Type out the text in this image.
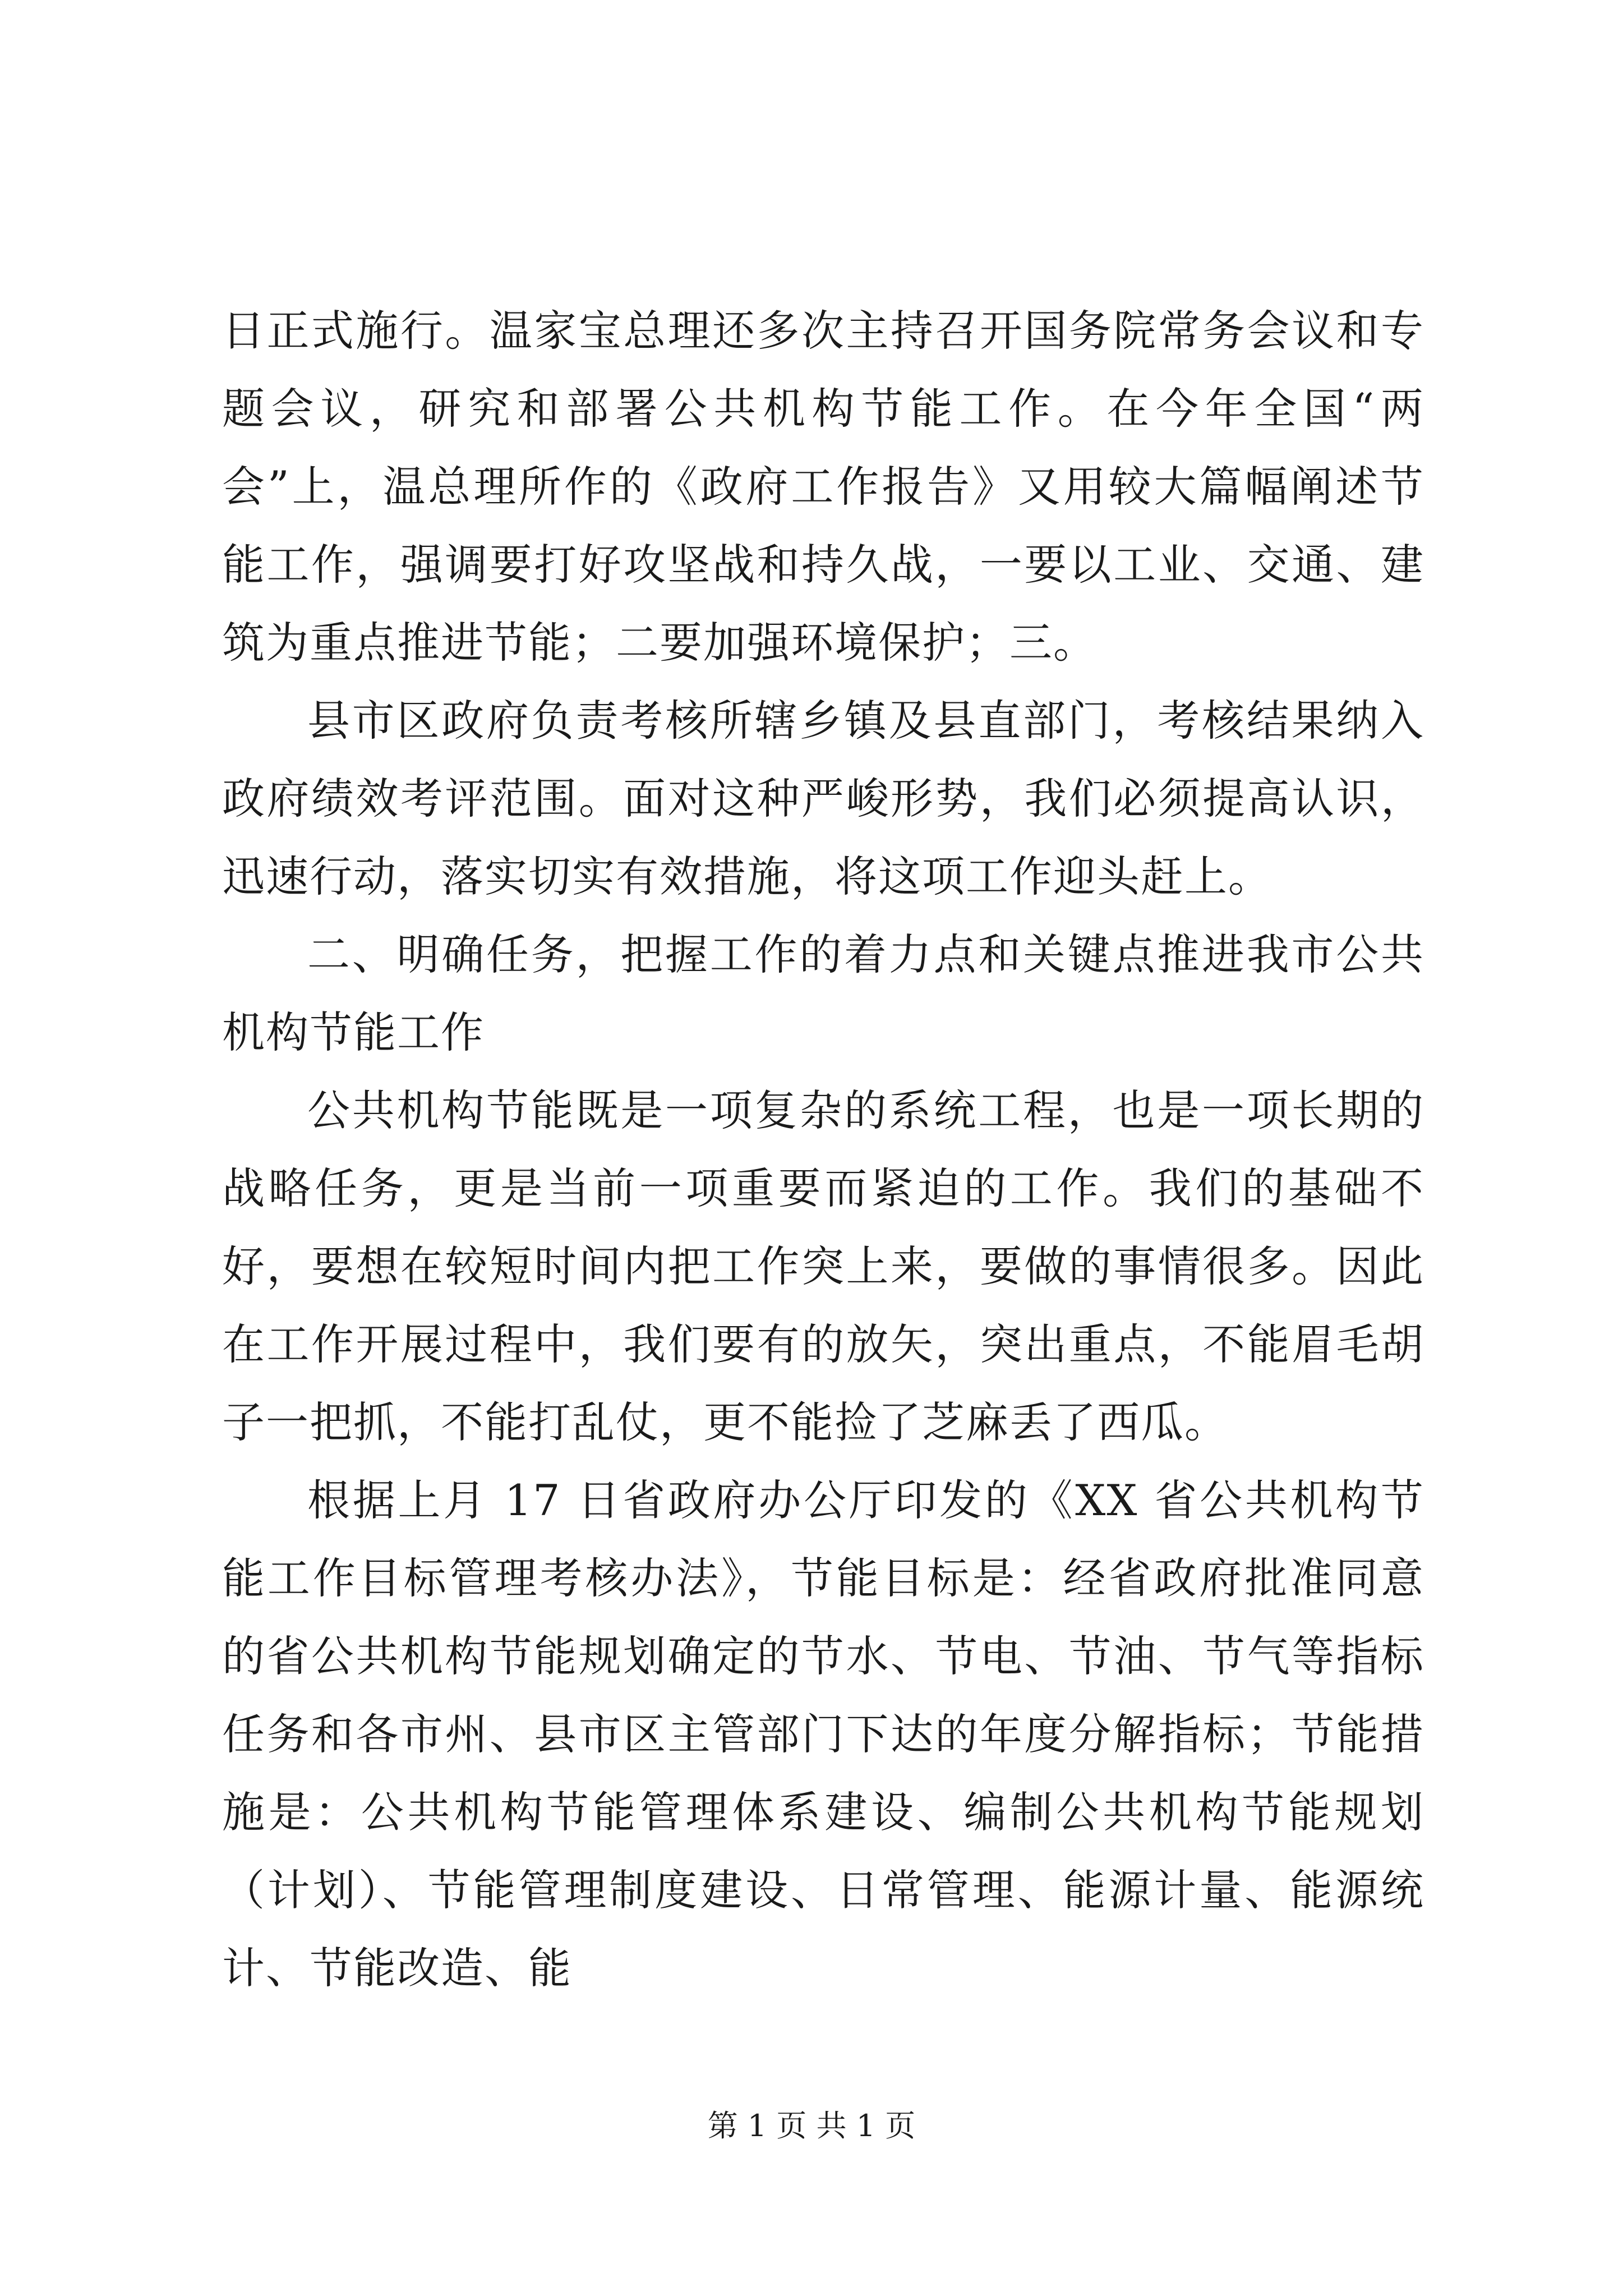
日正式施行。温家宝总理还多次主持召开国务院常务会议和专题会议，研究和部署公共机构节能工作。在今年全国“两会”上，温总理所作的《政府工作报告》又用较大篇幅阐述节能工作，强调要打好攻坚战和持久战，一要以工业、交通、建筑为重点推进节能；二要加强环境保护；三。

县市区政府负责考核所辖乡镇及县直部门，考核结果纳入政府绩效考评范围。面对这种严峻形势，我们必须提高认识，迅速行动，落实切实有效措施，将这项工作迎头赶上。

二、明确任务，把握工作的着力点和关键点推进我市公共机构节能工作

公共机构节能既是一项复杂的系统工程，也是一项长期的战略任务，更是当前一项重要而紧迫的工作。我们的基础不好，要想在较短时间内把工作突上来，要做的事情很多。因此在工作开展过程中，我们要有的放矢，突出重点，不能眉毛胡子一把抓，不能打乱仗，更不能捡了芝麻丢了西瓜。

根据上月 17 日省政府办公厅印发的《XX 省公共机构节能工作目标管理考核办法》，节能目标是：经省政府批准同意的省公共机构节能规划确定的节水、节电、节油、节气等指标任务和各市州、县市区主管部门下达的年度分解指标；节能措施是：公共机构节能管理体系建设、编制公共机构节能规划（计划）、节能管理制度建设、日常管理、能源计量、能源统计、节能改造、能

第 1 页 共 1 页
